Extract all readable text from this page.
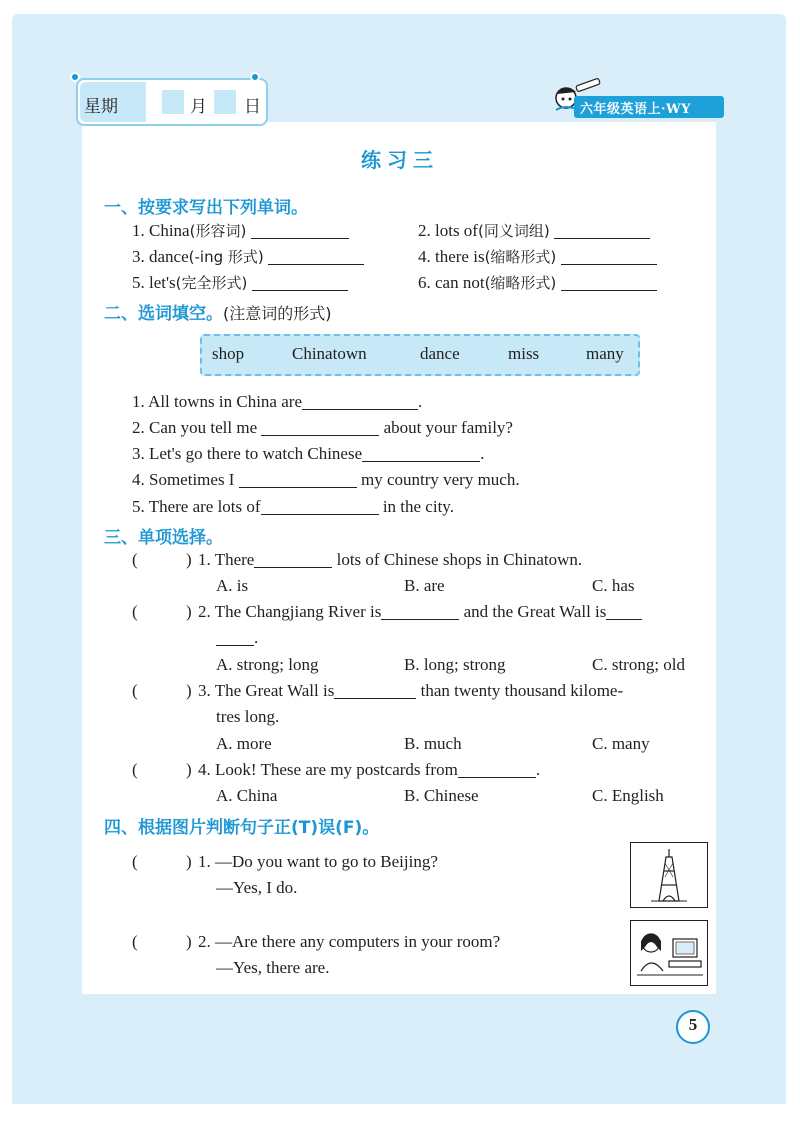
星期	月 日	六年级英语上·WY
练习三
一、按要求写出下列单词。
1. China(形容词)	2. lots of(同义词组)
3. dance(-ing 形式)	4. there is(缩略形式)
5. let's(完全形式)	6. can not(缩略形式)
二、选词填空。(注意词的形式)
shop	Chinatown	dance	miss	many
1. All towns in China are	.
2. Can you tell me	about your family?
3. Let's go there to watch Chinese	.
4. Sometimes I	my country very much.
5. There are lots of	in the city.
三、单项选择。
(	) 1. There	lots of Chinese shops in Chinatown.
A. is	B. are	C. has
(	) 2. The Changjiang River is	and the Great Wall is
.
A. strong; long	B. long; strong	C. strong; old
(	) 3. The Great Wall is	than twenty thousand kilome-
tres long.
A. more	B. much	C. many
(	) 4. Look! These are my postcards from	.
A. China	B. Chinese	C. English
四、根据图片判断句子正(T)误(F)。
(	) 1. —Do you want to go to Beijing?
—Yes, I do.
(	) 2. —Are there any computers in your room?
—Yes, there are.
5
